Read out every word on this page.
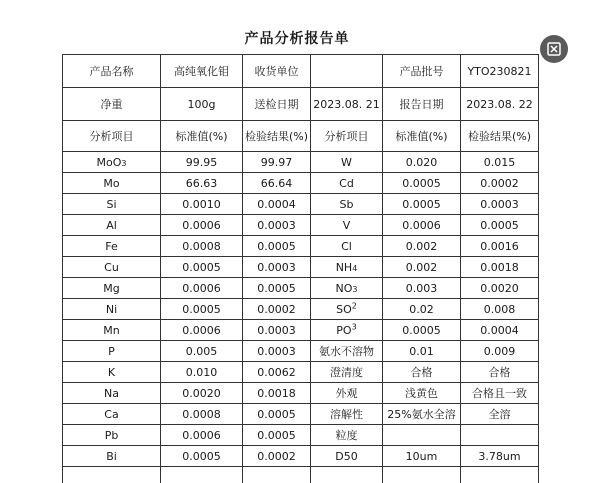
产品分析报告单
产品名称	高纯氧化钼	收货单位		产品批号	YTO230821
净重	100g	送检日期	2023.08. 21	报告日期	2023.08. 22
分析项目	标准值(%)	检验结果(%)	分析项目	标准值(%)	检验结果(%)
MoO3	99.95	99.97	W	0.020	0.015
Mo	66.63	66.64	Cd	0.0005	0.0002
Si	0.0010	0.0004	Sb	0.0005	0.0003
Al	0.0006	0.0003	V	0.0006	0.0005
Fe	0.0008	0.0005	Cl	0.002	0.0016
Cu	0.0005	0.0003	NH4	0.002	0.0018
Mg	0.0006	0.0005	NO3	0.003	0.0020
Ni	0.0005	0.0002	$SO^2$	0.02	0.008
Mn	0.0006	0.0003	$PO^3$	0.0005	0.0004
P	0.005	0.0003	氨水不溶物	0.01	0.009
K	0.010	0.0062	澄清度	合格	合格
Na	0.0020	0.0018	外观	浅黄色	合格且一致
Ca	0.0008	0.0005	溶解性	25%氨水全溶	全溶
Pb	0.0006	0.0005	粒度		
Bi	0.0005	0.0002	D50	10um	3.78um
